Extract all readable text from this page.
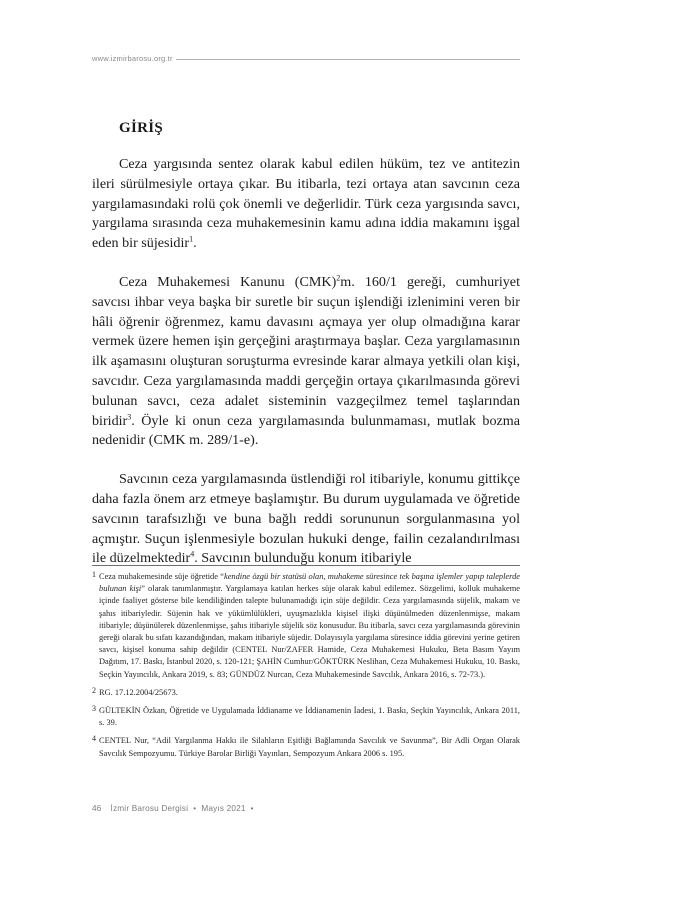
www.izmirbarosu.org.tr
GİRİŞ

Ceza yargısında sentez olarak kabul edilen hüküm, tez ve antitezin ileri sürülmesiyle ortaya çıkar. Bu itibarla, tezi ortaya atan savcının ceza yargılamasındaki rolü çok önemli ve değerlidir. Türk ceza yargısında savcı, yargılama sırasında ceza muhakemesinin kamu adına iddia makamını işgal eden bir süjesidir$^1$.

Ceza Muhakemesi Kanunu (CMK)$^2$m. 160/1 gereği, cumhuriyet savcısı ihbar veya başka bir suretle bir suçun işlendiği izlenimini veren bir hâli öğrenir öğrenmez, kamu davasını açmaya yer olup olmadığına karar vermek üzere hemen işin gerçeğini araştırmaya başlar. Ceza yargılamasının ilk aşamasını oluşturan soruşturma evresinde karar almaya yetkili olan kişi, savcıdır. Ceza yargılamasında maddi gerçeğin ortaya çıkarılmasında görevi bulunan savcı, ceza adalet sisteminin vazgeçilmez temel taşlarından biridir$^3$. Öyle ki onun ceza yargılamasında bulunmaması, mutlak bozma nedenidir (CMK m. 289/1-e).

Savcının ceza yargılamasında üstlendiği rol itibariyle, konumu gittikçe daha fazla önem arz etmeye başlamıştır. Bu durum uygulamada ve öğretide savcının tarafsızlığı ve buna bağlı reddi sorununun sorgulanmasına yol açmıştır. Suçun işlenmesiyle bozulan hukuki denge, failin cezalandırılması ile düzelmektedir$^4$. Savcının bulunduğu konum itibariyle

1 Ceza muhakemesinde süje öğretide “kendine özgü bir statüsü olan, muhakeme süresince tek başına işlemler yapıp taleplerde bulunan kişi” olarak tanımlanmıştır. Yargılamaya katılan herkes süje olarak kabul edilemez. Sözgelimi, kolluk muhakeme içinde faaliyet gösterse bile kendiliğinden talepte bulunamadığı için süje değildir. Ceza yargılamasında süjelik, makam ve şahıs itibariyledir. Süjenin hak ve yükümlülükleri, uyuşmazlıkla kişisel ilişki düşünülmeden düzenlenmişse, makam itibariyle; düşünülerek düzenlenmişse, şahıs itibariyle süjelik söz konusudur. Bu itibarla, savcı ceza yargılamasında görevinin gereği olarak bu sıfatı kazandığından, makam itibariyle süjedir. Dolayısıyla yargılama süresince iddia görevini yerine getiren savcı, kişisel konuma sahip değildir (CENTEL Nur/ZAFER Hamide, Ceza Muhakemesi Hukuku, Beta Basım Yayım Dağıtım, 17. Baskı, İstanbul 2020, s. 120-121; ŞAHİN Cumhur/GÖKTÜRK Neslihan, Ceza Muhakemesi Hukuku, 10. Baskı, Seçkin Yayıncılık, Ankara 2019, s. 83; GÜNDÜZ Nurcan, Ceza Muhakemesinde Savcılık, Ankara 2016, s. 72-73.).
2 RG. 17.12.2004/25673.
3 GÜLTEKİN Özkan, Öğretide ve Uygulamada İddianame ve İddianamenin İadesi, 1. Baskı, Seçkin Yayıncılık, Ankara 2011, s. 39.
4 CENTEL Nur, “Adil Yargılanma Hakkı ile Silahların Eşitliği Bağlamında Savcılık ve Savunma”, Bir Adli Organ Olarak Savcılık Sempozyumu. Türkiye Barolar Birliği Yayınları, Sempozyum Ankara 2006 s. 195.
46 İzmir Barosu Dergisi • Mayıs 2021 •
